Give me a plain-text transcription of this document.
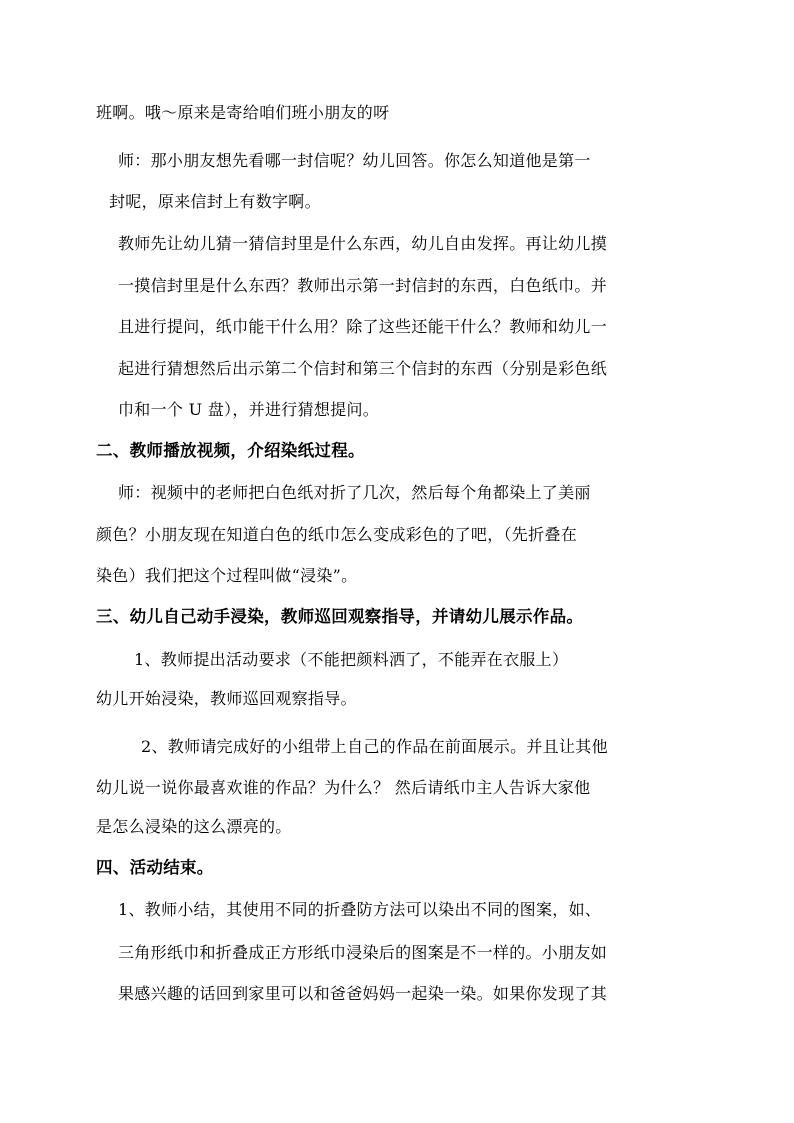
班啊。哦～原来是寄给咱们班小朋友的呀
师：那小朋友想先看哪一封信呢？幼儿回答。你怎么知道他是第一
封呢，原来信封上有数字啊。
教师先让幼儿猜一猜信封里是什么东西，幼儿自由发挥。再让幼儿摸
一摸信封里是什么东西？教师出示第一封信封的东西，白色纸巾。并
且进行提问，纸巾能干什么用？除了这些还能干什么？教师和幼儿一
起进行猜想然后出示第二个信封和第三个信封的东西（分别是彩色纸
巾和一个 U 盘），并进行猜想提问。
二、教师播放视频，介绍染纸过程。
师：视频中的老师把白色纸对折了几次，然后每个角都染上了美丽
颜色？小朋友现在知道白色的纸巾怎么变成彩色的了吧，（先折叠在
染色）我们把这个过程叫做“浸染”。
三、幼儿自己动手浸染，教师巡回观察指导，并请幼儿展示作品。
1、教师提出活动要求（不能把颜料洒了，不能弄在衣服上）
幼儿开始浸染，教师巡回观察指导。
2、教师请完成好的小组带上自己的作品在前面展示。并且让其他
幼儿说一说你最喜欢谁的作品？为什么？ 然后请纸巾主人告诉大家他
是怎么浸染的这么漂亮的。
四、活动结束。
1、教师小结，其使用不同的折叠防方法可以染出不同的图案，如、
三角形纸巾和折叠成正方形纸巾浸染后的图案是不一样的。小朋友如
果感兴趣的话回到家里可以和爸爸妈妈一起染一染。如果你发现了其
